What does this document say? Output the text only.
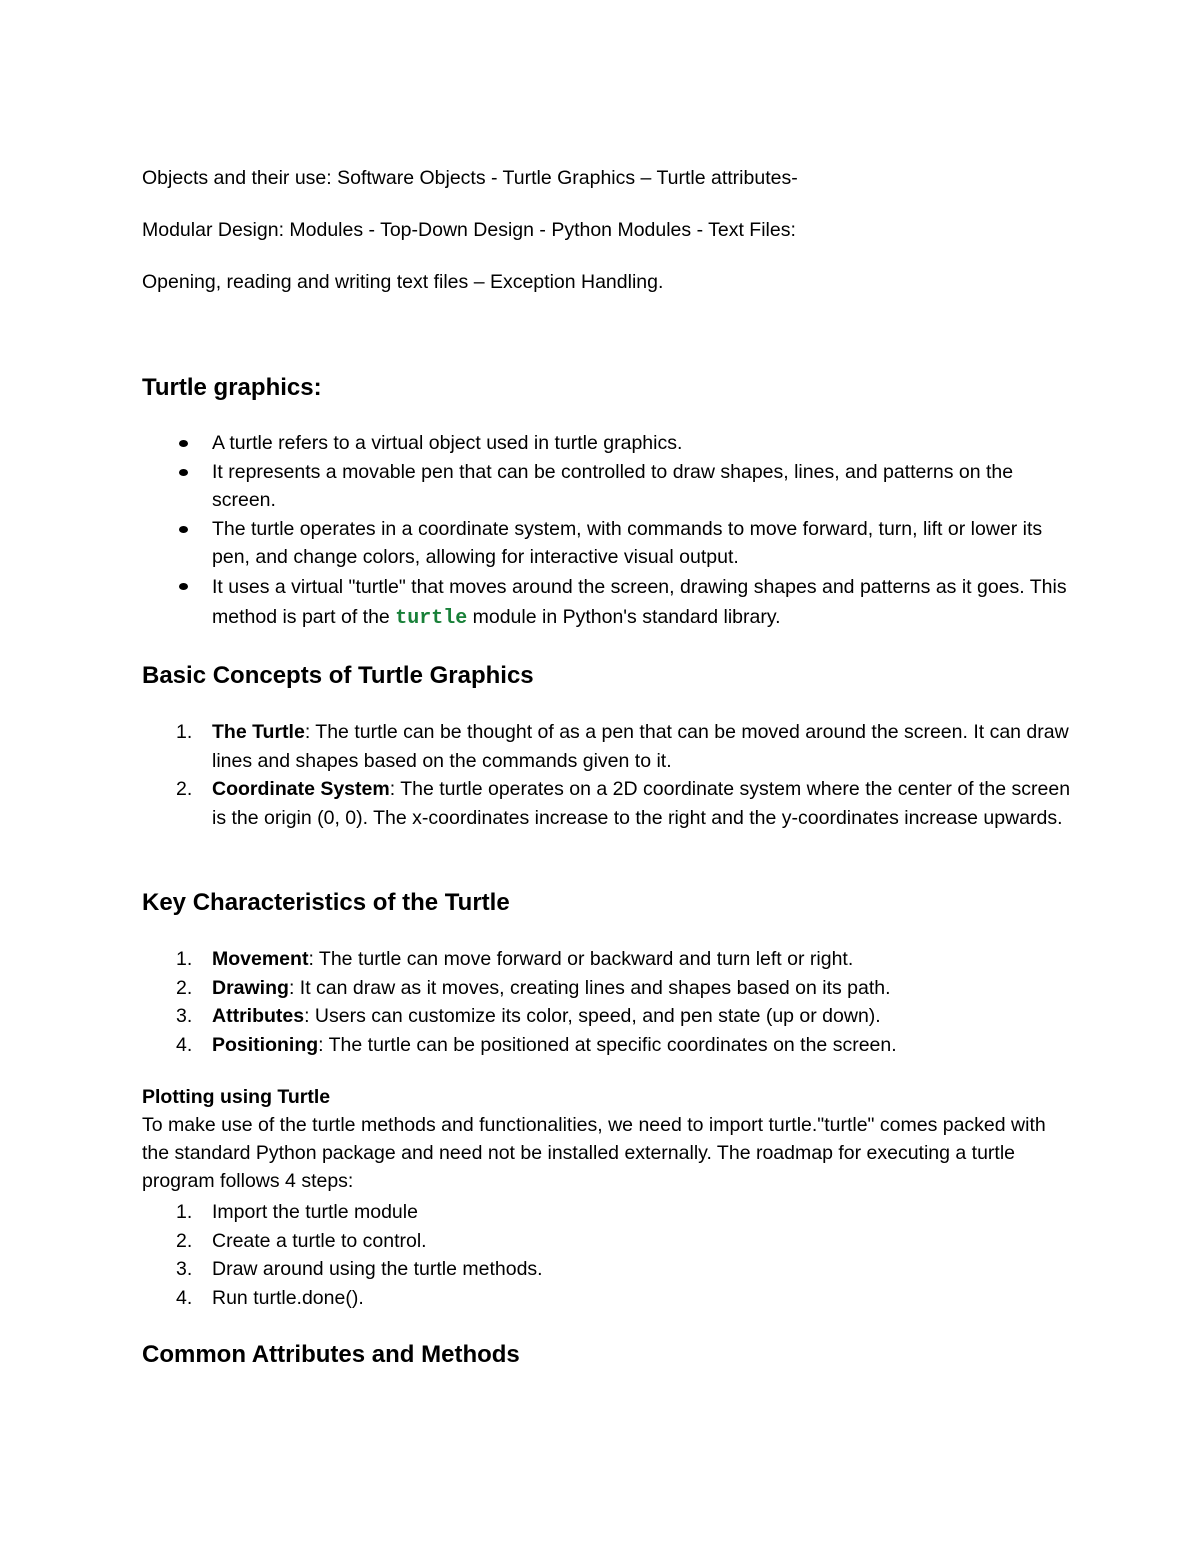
Objects and their use: Software Objects - Turtle Graphics – Turtle attributes-

Modular Design: Modules - Top-Down Design - Python Modules - Text Files:

Opening, reading and writing text files – Exception Handling.

Turtle graphics:
A turtle refers to a virtual object used in turtle graphics.
It represents a movable pen that can be controlled to draw shapes, lines, and patterns on the screen.
The turtle operates in a coordinate system, with commands to move forward, turn, lift or lower its pen, and change colors, allowing for interactive visual output.
It uses a virtual "turtle" that moves around the screen, drawing shapes and patterns as it goes. This method is part of the turtle module in Python's standard library.
Basic Concepts of Turtle Graphics
1. The Turtle: The turtle can be thought of as a pen that can be moved around the screen. It can draw lines and shapes based on the commands given to it.
2. Coordinate System: The turtle operates on a 2D coordinate system where the center of the screen is the origin (0, 0). The x-coordinates increase to the right and the y-coordinates increase upwards.
Key Characteristics of the Turtle
1. Movement: The turtle can move forward or backward and turn left or right.
2. Drawing: It can draw as it moves, creating lines and shapes based on its path.
3. Attributes: Users can customize its color, speed, and pen state (up or down).
4. Positioning: The turtle can be positioned at specific coordinates on the screen.

Plotting using Turtle

To make use of the turtle methods and functionalities, we need to import turtle."turtle" comes packed with the standard Python package and need not be installed externally. The roadmap for executing a turtle program follows 4 steps:

1. Import the turtle module
2. Create a turtle to control.
3. Draw around using the turtle methods.
4. Run turtle.done().
Common Attributes and Methods
